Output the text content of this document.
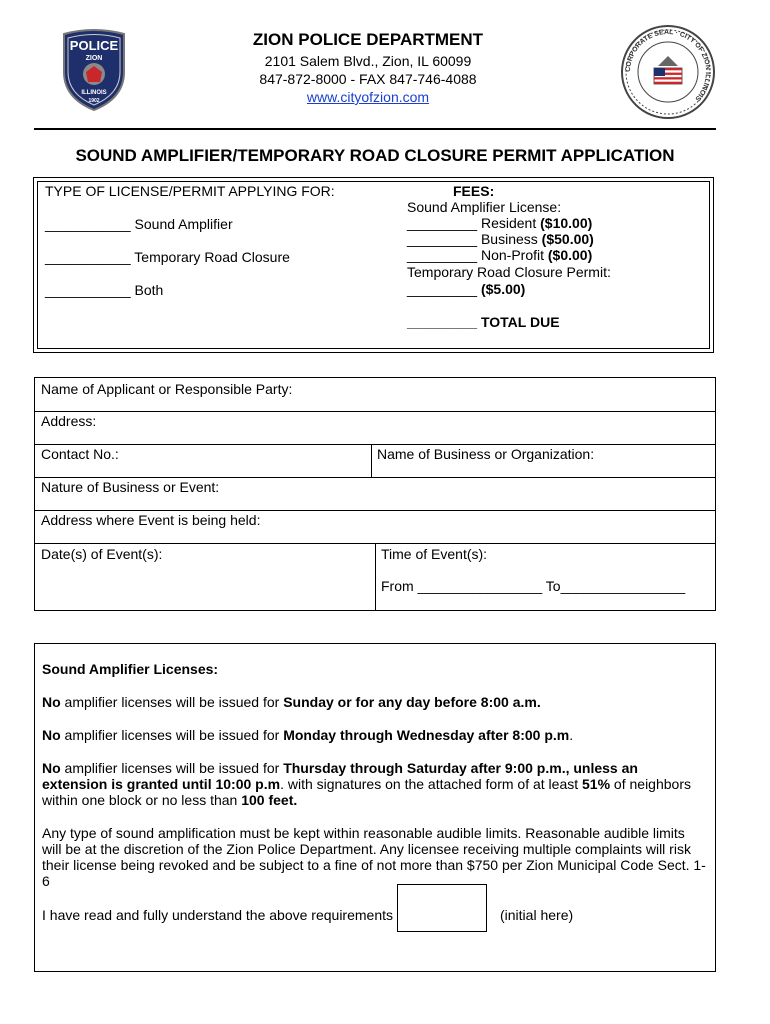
POLICE
ZION
ILLINOIS
1902
ZION POLICE DEPARTMENT
2101 Salem Blvd., Zion, IL 60099
847-872-8000 - FAX 847-746-4088
www.cityofzion.com
CORPORATE SEAL · CITY OF ZION ILLINOIS
SOUND AMPLIFIER/TEMPORARY ROAD CLOSURE PERMIT APPLICATION
TYPE OF LICENSE/PERMIT APPLYING FOR:
___________ Sound Amplifier
___________ Temporary Road Closure
___________ Both
FEES:
Sound Amplifier License:
_________ Resident ($10.00)
_________ Business ($50.00)
_________ Non-Profit ($0.00)
Temporary Road Closure Permit:
_________ ($5.00)
_________ TOTAL DUE
Name of Applicant or Responsible Party:
Address:
Contact No.:	Name of Business or Organization:
Nature of Business or Event:
Address where Event is being held:
Date(s) of Event(s):	Time of Event(s):
From ________________ To________________
Sound Amplifier Licenses:
No amplifier licenses will be issued for Sunday or for any day before 8:00 a.m.
No amplifier licenses will be issued for Monday through Wednesday after 8:00 p.m.
No amplifier licenses will be issued for Thursday through Saturday after 9:00 p.m., unless an extension is granted until 10:00 p.m. with signatures on the attached form of at least 51% of neighbors within one block or no less than 100 feet.
Any type of sound amplification must be kept within reasonable audible limits. Reasonable audible limits will be at the discretion of the Zion Police Department. Any licensee receiving multiple complaints will risk their license being revoked and be subject to a fine of not more than $750 per Zion Municipal Code Sect. 1-6
I have read and fully understand the above requirements	(initial here)
